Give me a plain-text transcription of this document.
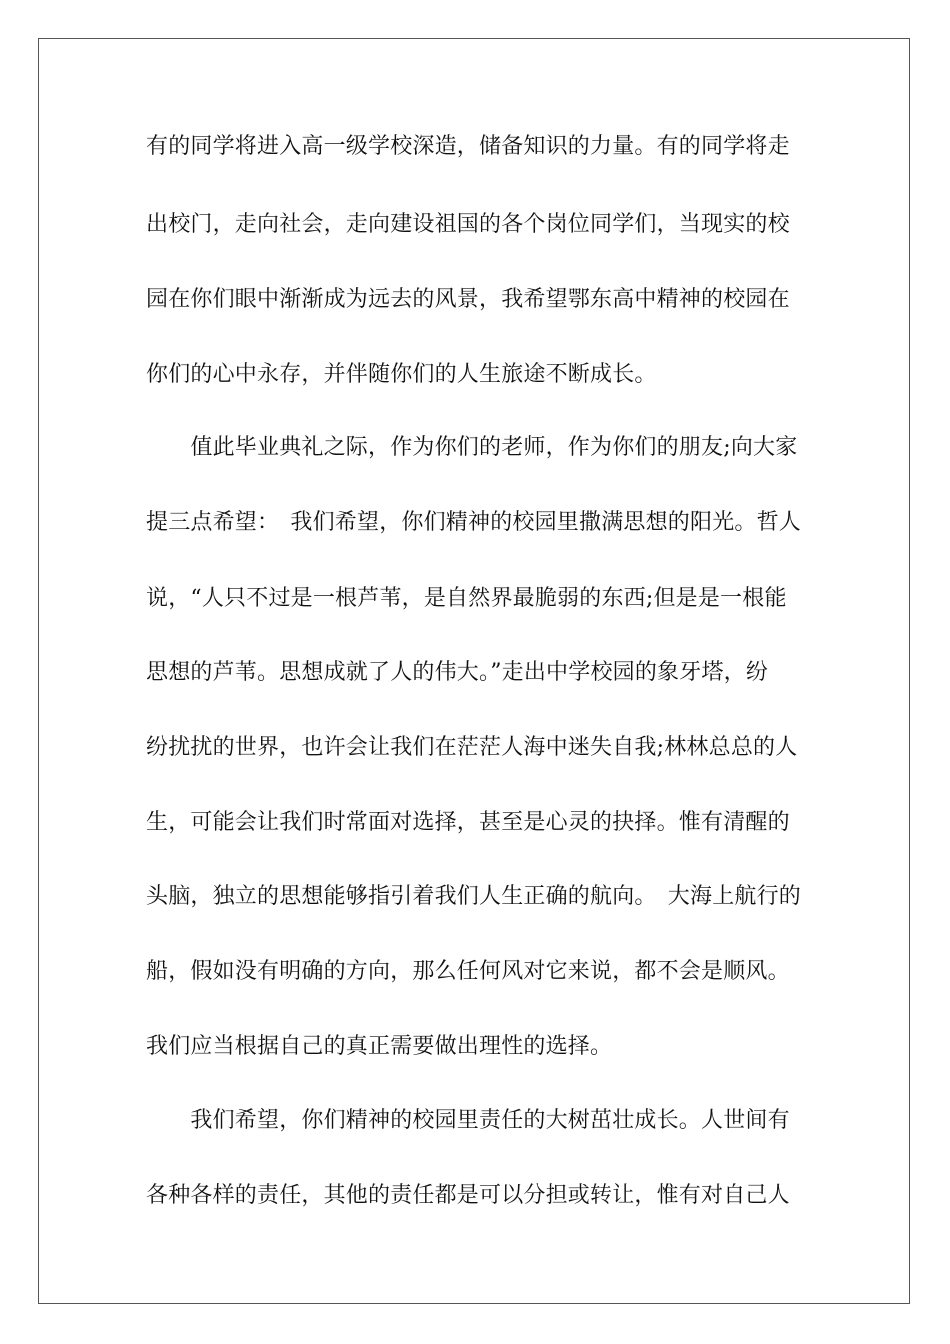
有的同学将进入高一级学校深造，储备知识的力量。有的同学将走
出校门，走向社会，走向建设祖国的各个岗位同学们，当现实的校
园在你们眼中渐渐成为远去的风景，我希望鄂东高中精神的校园在
你们的心中永存，并伴随你们的人生旅途不断成长。
　　值此毕业典礼之际，作为你们的老师，作为你们的朋友;向大家
提三点希望：　我们希望，你们精神的校园里撒满思想的阳光。哲人
说，“人只不过是一根芦苇，是自然界最脆弱的东西;但是是一根能
思想的芦苇。思想成就了人的伟大。”走出中学校园的象牙塔，纷
纷扰扰的世界，也许会让我们在茫茫人海中迷失自我;林林总总的人
生，可能会让我们时常面对选择，甚至是心灵的抉择。惟有清醒的
头脑，独立的思想能够指引着我们人生正确的航向。　大海上航行的
船，假如没有明确的方向，那么任何风对它来说，都不会是顺风。
我们应当根据自己的真正需要做出理性的选择。
　　我们希望，你们精神的校园里责任的大树茁壮成长。人世间有
各种各样的责任，其他的责任都是可以分担或转让，惟有对自己人
